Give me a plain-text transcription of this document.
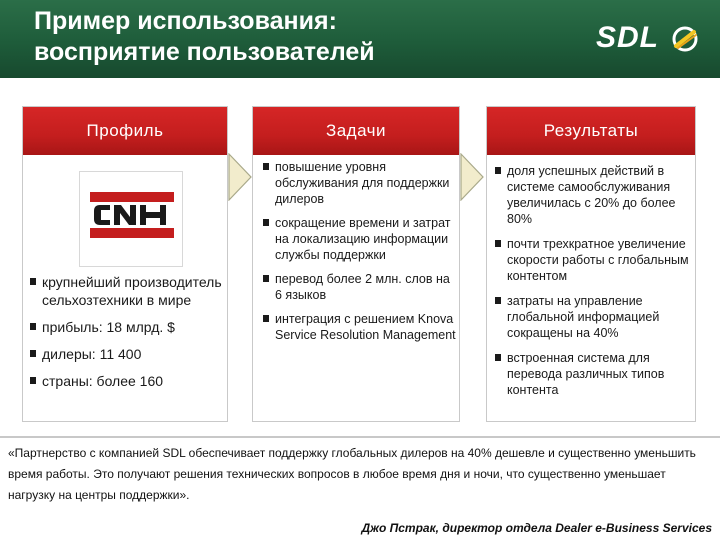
Пример использования:
восприятие пользователей	SDL
Профиль
крупнейший производитель сельхозтехники в мире
прибыль: 18 млрд. $
дилеры: 11 400
страны: более 160
Задачи
повышение уровня обслуживания для поддержки дилеров
сокращение времени и затрат на локализацию информации службы поддержки
перевод более 2 млн. слов на 6 языков
интеграция с решением Knova Service Resolution Management
Результаты
доля успешных действий в системе самообслуживания увеличилась с 20% до более 80%
почти трехкратное увеличение скорости работы с глобальным контентом
затраты на управление глобальной информацией сокращены на 40%
встроенная система для перевода различных типов контента
«Партнерство с компанией SDL обеспечивает поддержку глобальных дилеров на 40% дешевле и существенно уменьшить время работы. Это получают решения технических вопросов в любое время дня и ночи, что существенно уменьшает нагрузку на центры поддержки».
Джо Пстрак, директор отдела Dealer e-Business Services
